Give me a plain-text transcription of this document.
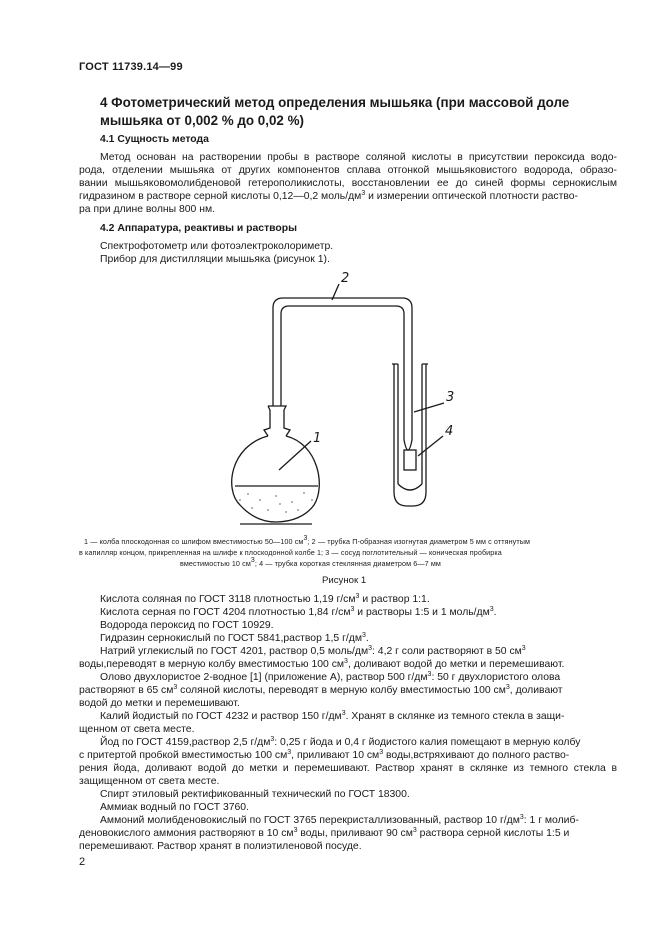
ГОСТ 11739.14—99
4 Фотометрический метод определения мышьяка (при массовой доле
мышьяка от 0,002 % до 0,02 %)
4.1 Сущность метода
Метод основан на растворении пробы в растворе соляной кислоты в присутствии пероксида водо-
рода, отделении мышьяка от других компонентов сплава отгонкой мышьяковистого водорода, образо-
вании мышьяковомолибденовой гетерополикислоты, восстановлении ее до синей формы сернокислым
гидразином в растворе серной кислоты 0,12—0,2 моль/$дм^3$ и измерении оптической плотности раство-
ра при длине волны 800 нм.
4.2 Аппаратура, реактивы и растворы
Спектрофотометр или фотоэлектроколориметр.
Прибор для дистилляции мышьяка (рисунок 1).
1
2
3
4
1 — колба плоскодонная со шлифом вместимостью 50—100 $см^3$; 2 — трубка П-образная изогнутая диаметром 5 мм с оттянутым
в капилляр концом, прикрепленная на шлифе к плоскодонной колбе 1; 3 — сосуд поглотительный — коническая пробирка
вместимостью 10 $см^3$; 4 — трубка короткая стеклянная диаметром 6—7 мм
Рисунок 1
Кислота соляная по ГОСТ 3118 плотностью 1,19 $г/см^3$ и раствор 1:1.
Кислота серная по ГОСТ 4204 плотностью 1,84 $г/см^3$ и растворы 1:5 и 1 моль/$дм^3$.
Водорода пероксид по ГОСТ 10929.
Гидразин сернокислый по ГОСТ 5841,раствор 1,5 $г/дм^3$.
Натрий углекислый по ГОСТ 4201, раствор 0,5 моль/$дм^3$: 4,2 г соли растворяют в 50 $см^3$
воды,переводят в мерную колбу вместимостью 100 $см^3$, доливают водой до метки и перемешивают.
Олово двухлористое 2-водное [1] (приложение А), раствор 500 $г/дм^3$: 50 г двухлористого олова
растворяют в 65 $см^3$ соляной кислоты, переводят в мерную колбу вместимостью 100 $см^3$, доливают
водой до метки и перемешивают.
Калий йодистый по ГОСТ 4232 и раствор 150 $г/дм^3$. Хранят в склянке из темного стекла в защи-
щенном от света месте.
Йод по ГОСТ 4159,раствор 2,5 $г/дм^3$: 0,25 г йода и 0,4 г йодистого калия помещают в мерную колбу
с притертой пробкой вместимостью 100 $см^3$, приливают 10 $см^3$ воды,встряхивают до полного раство-
рения йода, доливают водой до метки и перемешивают. Раствор хранят в склянке из темного стекла в
защищенном от света месте.
Спирт этиловый ректификованный технический по ГОСТ 18300.
Аммиак водный по ГОСТ 3760.
Аммоний молибденовокислый по ГОСТ 3765 перекристаллизованный, раствор 10 $г/дм^3$: 1 г молиб-
деновокислого аммония растворяют в 10 $см^3$ воды, приливают 90 $см^3$ раствора серной кислоты 1:5 и
перемешивают. Раствор хранят в полиэтиленовой посуде.
2
